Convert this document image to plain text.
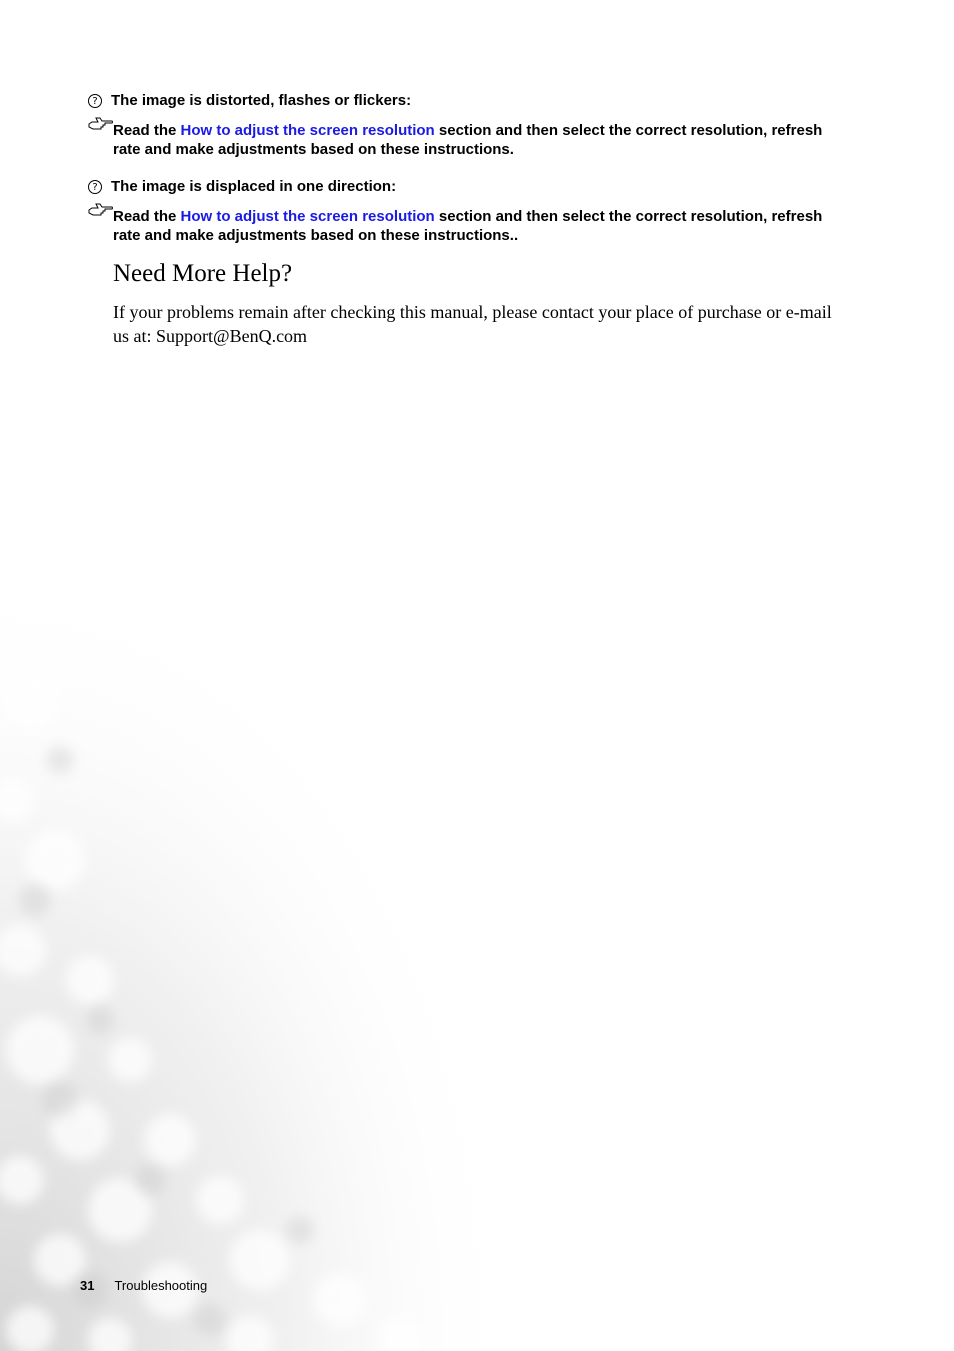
? The image is distorted, flashes or flickers:
Read the How to adjust the screen resolution section and then select the correct resolution, refresh rate and make adjustments based on these instructions.
? The image is displaced in one direction:
Read the How to adjust the screen resolution section and then select the correct resolution, refresh rate and make adjustments based on these instructions..
Need More Help?

If your problems remain after checking this manual, please contact your place of purchase or e-mail us at: Support@BenQ.com

31 Troubleshooting
